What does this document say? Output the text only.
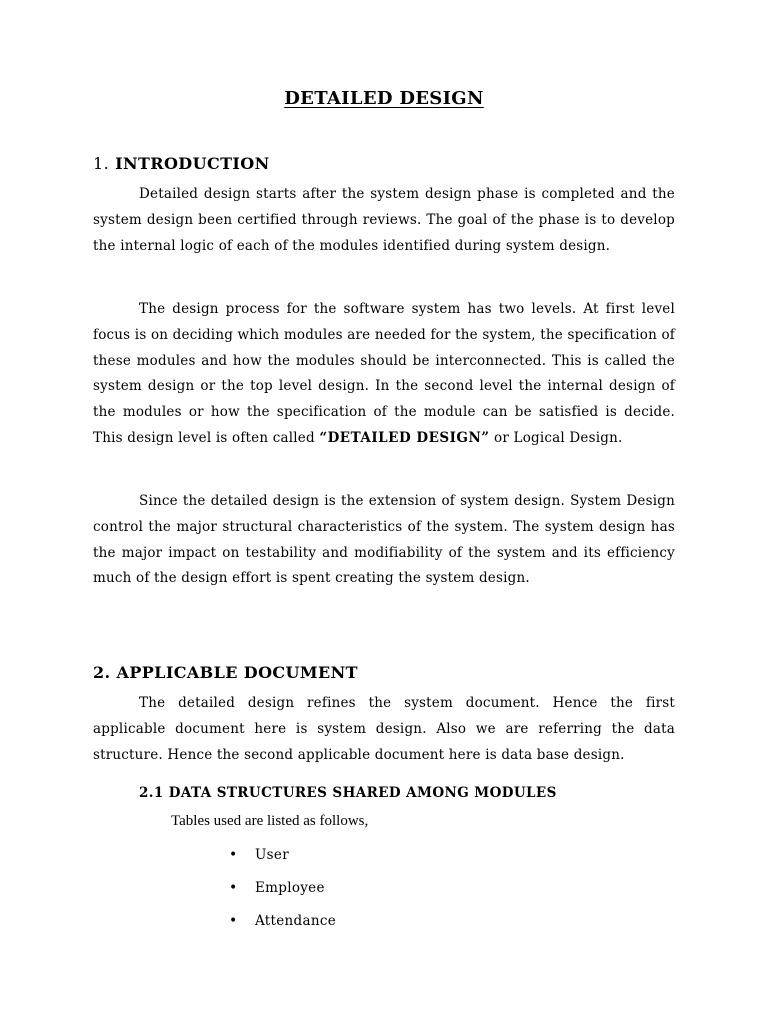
DETAILED DESIGN
1. INTRODUCTION

Detailed design starts after the system design phase is completed and the system design been certified through reviews. The goal of the phase is to develop the internal logic of each of the modules identified during system design.

The design process for the software system has two levels. At first level focus is on deciding which modules are needed for the system, the specification of these modules and how the modules should be interconnected. This is called the system design or the top level design. In the second level the internal design of the modules or how the specification of the module can be satisfied is decide. This design level is often called “DETAILED DESIGN” or Logical Design.

Since the detailed design is the extension of system design. System Design control the major structural characteristics of the system. The system design has the major impact on testability and modifiability of the system and its efficiency much of the design effort is spent creating the system design.

2. APPLICABLE DOCUMENT

The detailed design refines the system document. Hence the first applicable document here is system design. Also we are referring the data structure. Hence the second applicable document here is data base design.

2.1 DATA STRUCTURES SHARED AMONG MODULES
Tables used are listed as follows,
• User
• Employee
• Attendance
